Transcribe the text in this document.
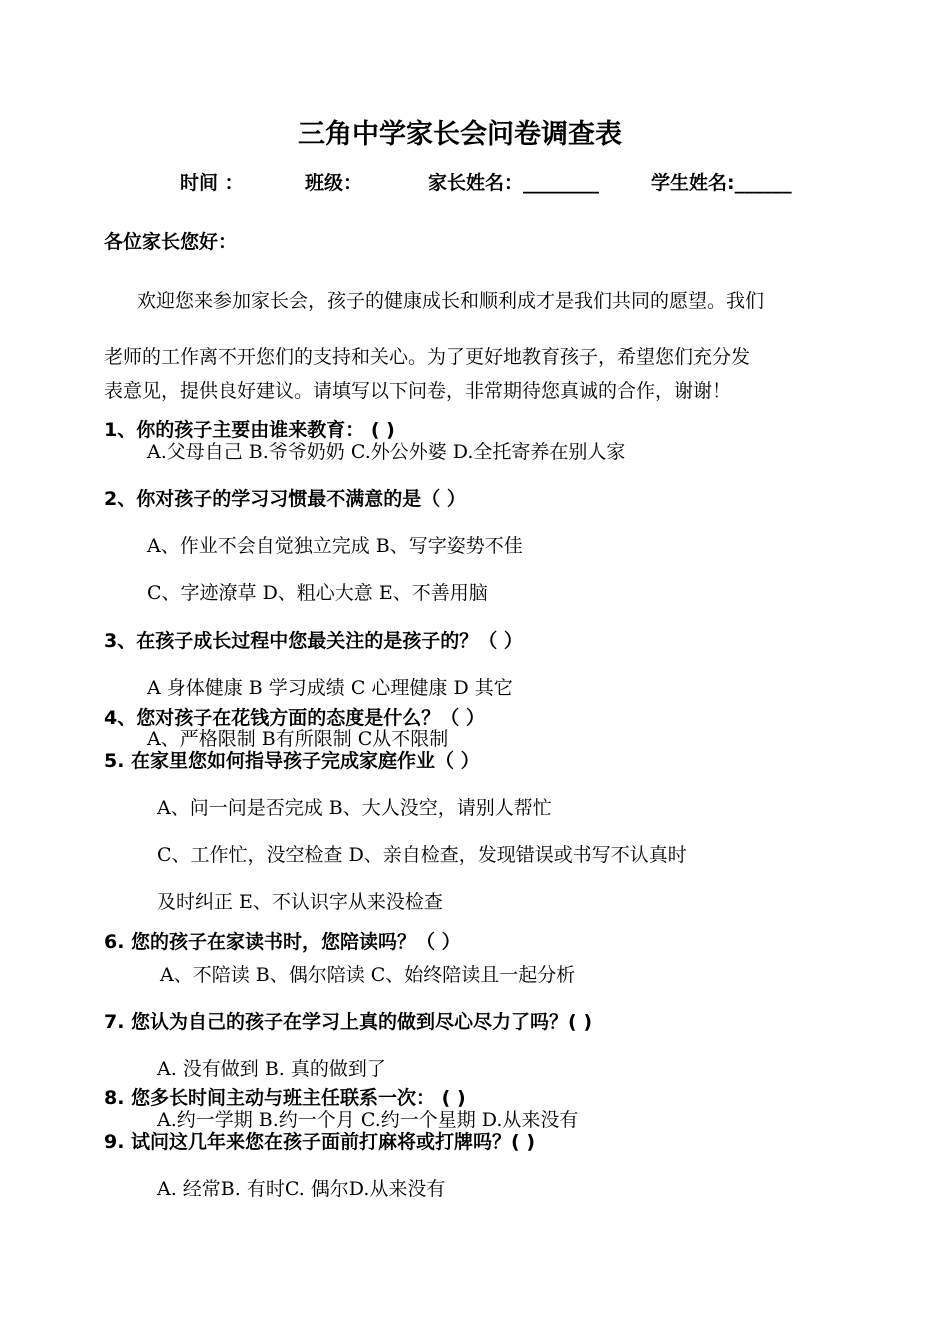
三角中学家长会问卷调查表
时间 ：	班级：	家长姓名：________	学生姓名:______
各位家长您好：
欢迎您来参加家长会，孩子的健康成长和顺利成才是我们共同的愿望。我们
老师的工作离不开您们的支持和关心。为了更好地教育孩子，希望您们充分发
表意见，提供良好建议。请填写以下问卷，非常期待您真诚的合作，谢谢！
1、你的孩子主要由谁来教育： ( )
A.父母自己 B.爷爷奶奶 C.外公外婆 D.全托寄养在别人家
2、你对孩子的学习习惯最不满意的是（ ）
A、作业不会自觉独立完成 B、写字姿势不佳
C、字迹潦草 D、粗心大意 E、不善用脑
3、在孩子成长过程中您最关注的是孩子的？（ ）
A 身体健康 B 学习成绩 C 心理健康 D 其它
4、您对孩子在花钱方面的态度是什么？（ ）
A、严格限制 B有所限制 C从不限制
5. 在家里您如何指导孩子完成家庭作业（ ）
A、问一问是否完成 B、大人没空，请别人帮忙
C、工作忙，没空检查 D、亲自检查，发现错误或书写不认真时
及时纠正 E、不认识字从来没检查
6. 您的孩子在家读书时，您陪读吗？（ ）
A、不陪读 B、偶尔陪读 C、始终陪读且一起分析
7. 您认为自己的孩子在学习上真的做到尽心尽力了吗？( )
A. 没有做到 B. 真的做到了
8. 您多长时间主动与班主任联系一次： ( )
A.约一学期 B.约一个月 C.约一个星期 D.从来没有
9. 试问这几年来您在孩子面前打麻将或打牌吗？( )
A. 经常B. 有时C. 偶尔D.从来没有
